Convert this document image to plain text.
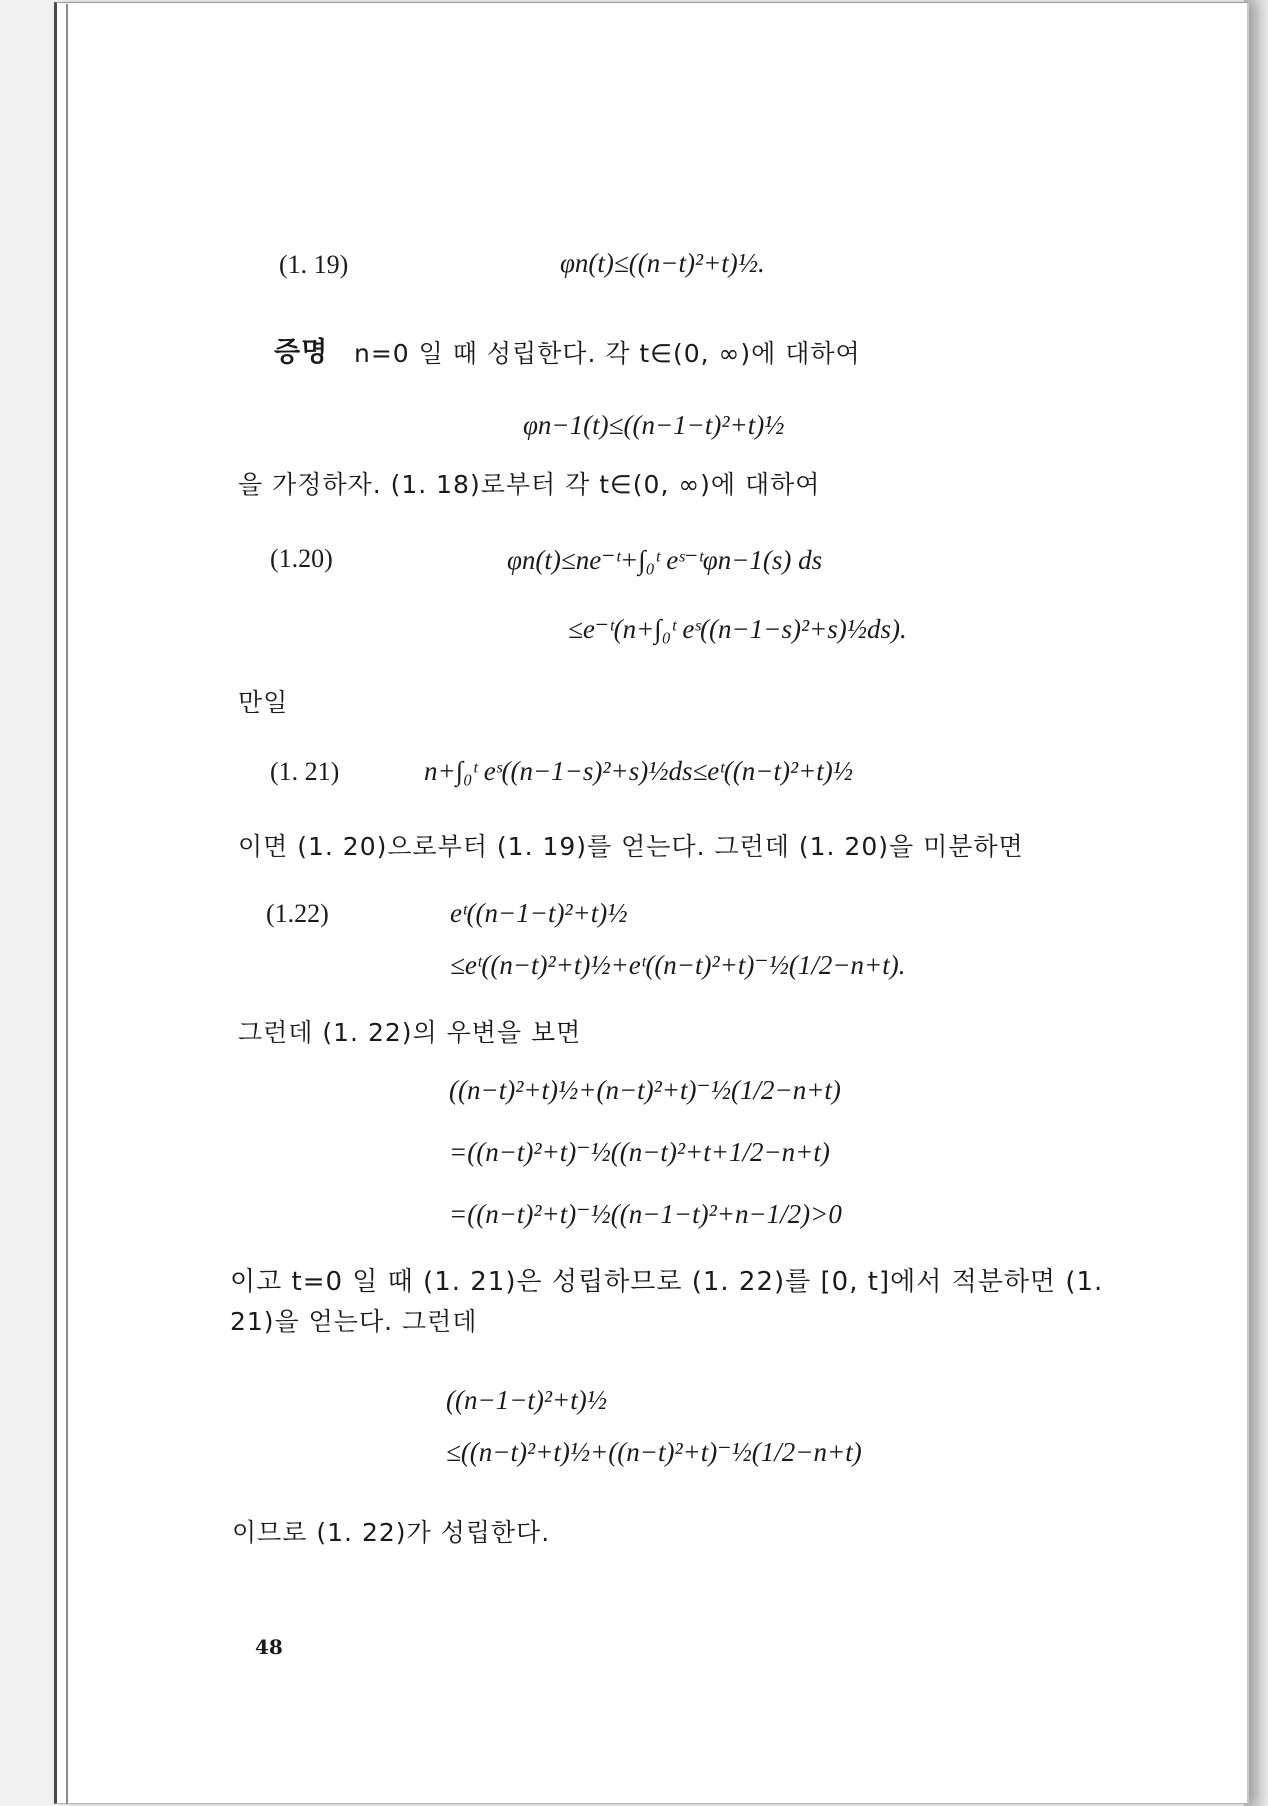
(1. 19)	φn(t)≤((n−t)²+t)½.
증명 n=0 일 때 성립한다. 각 t∈(0, ∞)에 대하여
φn−1(t)≤((n−1−t)²+t)½
을 가정하자. (1. 18)로부터 각 t∈(0, ∞)에 대하여
(1.20)	φn(t)≤ne⁻ᵗ+∫₀ᵗ eˢ⁻ᵗφn−1(s) ds
≤e⁻ᵗ(n+∫₀ᵗ eˢ((n−1−s)²+s)½ds).
만일
(1. 21)	n+∫₀ᵗ eˢ((n−1−s)²+s)½ds≤eᵗ((n−t)²+t)½
이면 (1. 20)으로부터 (1. 19)를 얻는다. 그런데 (1. 20)을 미분하면
(1.22)	eᵗ((n−1−t)²+t)½
≤eᵗ((n−t)²+t)½+eᵗ((n−t)²+t)⁻½(1/2−n+t).
그런데 (1. 22)의 우변을 보면
((n−t)²+t)½+(n−t)²+t)⁻½(1/2−n+t)
=((n−t)²+t)⁻½((n−t)²+t+1/2−n+t)
=((n−t)²+t)⁻½((n−1−t)²+n−1/2)>0
이고 t=0 일 때 (1. 21)은 성립하므로 (1. 22)를 [0, t]에서 적분하면 (1.
21)을 얻는다. 그런데
((n−1−t)²+t)½
≤((n−t)²+t)½+((n−t)²+t)⁻½(1/2−n+t)
이므로 (1. 22)가 성립한다.
48
